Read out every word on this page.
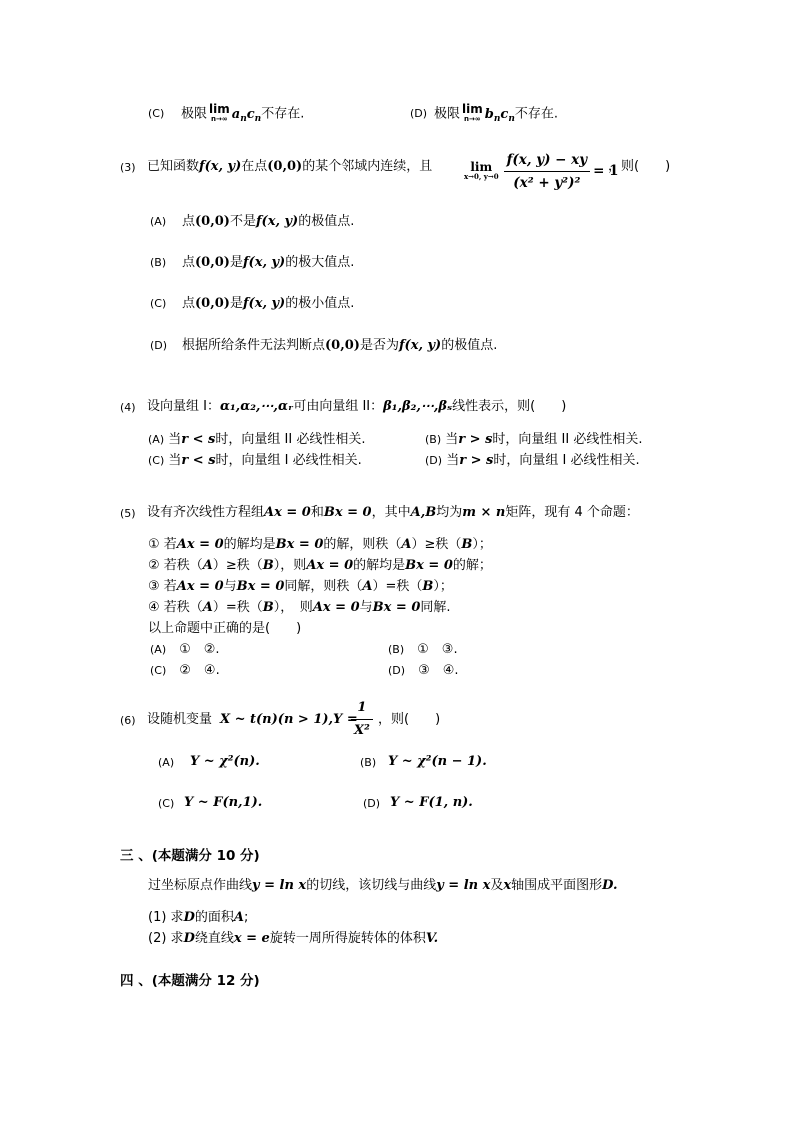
(C) 极限 lim
n→∞ $a_nc_n$不存在.	(D) 极限 lim
n→∞ $b_nc_n$不存在.
(3) 已知函数f(x, y)在点(0,0)的某个邻域内连续，且	lim
x→0, $y\to 0 \frac{f(x, y) - xy}{\text{(x² + y²)²}} = 1$
，则(　　)
(A) 点(0,0)不是f(x, y)的极值点.
(B) 点(0,0)是f(x, y)的极大值点.
(C) 点(0,0)是f(x, y)的极小值点.
(D) 根据所给条件无法判断点(0,0)是否为f(x, y)的极值点.
(4) 设向量组 I：α₁,α₂,⋯,αᵣ可由向量组 II：β₁,β₂,⋯,βₛ线性表示，则(　　)
(A) 当r < s时，向量组 II 必线性相关.	(B) 当r > s时，向量组 II 必线性相关.
(C) 当r < s时，向量组 I 必线性相关.	(D) 当r > s时，向量组 I 必线性相关.
(5) 设有齐次线性方程组Ax = 0和Bx = 0，其中A,B均为m × n矩阵，现有 4 个命题：
① 若Ax = 0的解均是Bx = 0的解，则秩（A）≥秩（B）；
② 若秩（A）≥秩（B），则Ax = 0的解均是Bx = 0的解；
③ 若Ax = 0与Bx = 0同解，则秩（A）=秩（B）；
④ 若秩（A）=秩（B），　则Ax = 0与Bx = 0同解.
以上命题中正确的是(　　)
(A)　 ①　②.	(B)　 ①　③.
(C)　 ②　④.	(D)　 ③　④.
(6) 设随机变量 X ~ t(n)(n > 1),Y =
$\frac{1}{\text{X²}}$ ，则(　　)
(A) Y ~ χ²(n).	(B) Y ~ χ²(n − 1).
(C) Y ~ F(n,1).	(D) Y ~ F(1, n).
三 、(本题满分 10 分)
过坐标原点作曲线y = ln x的切线，该切线与曲线y = ln x及x轴围成平面图形D.
(1) 求D的面积A;
(2) 求D绕直线x = e旋转一周所得旋转体的体积V.
四 、(本题满分 12 分)
